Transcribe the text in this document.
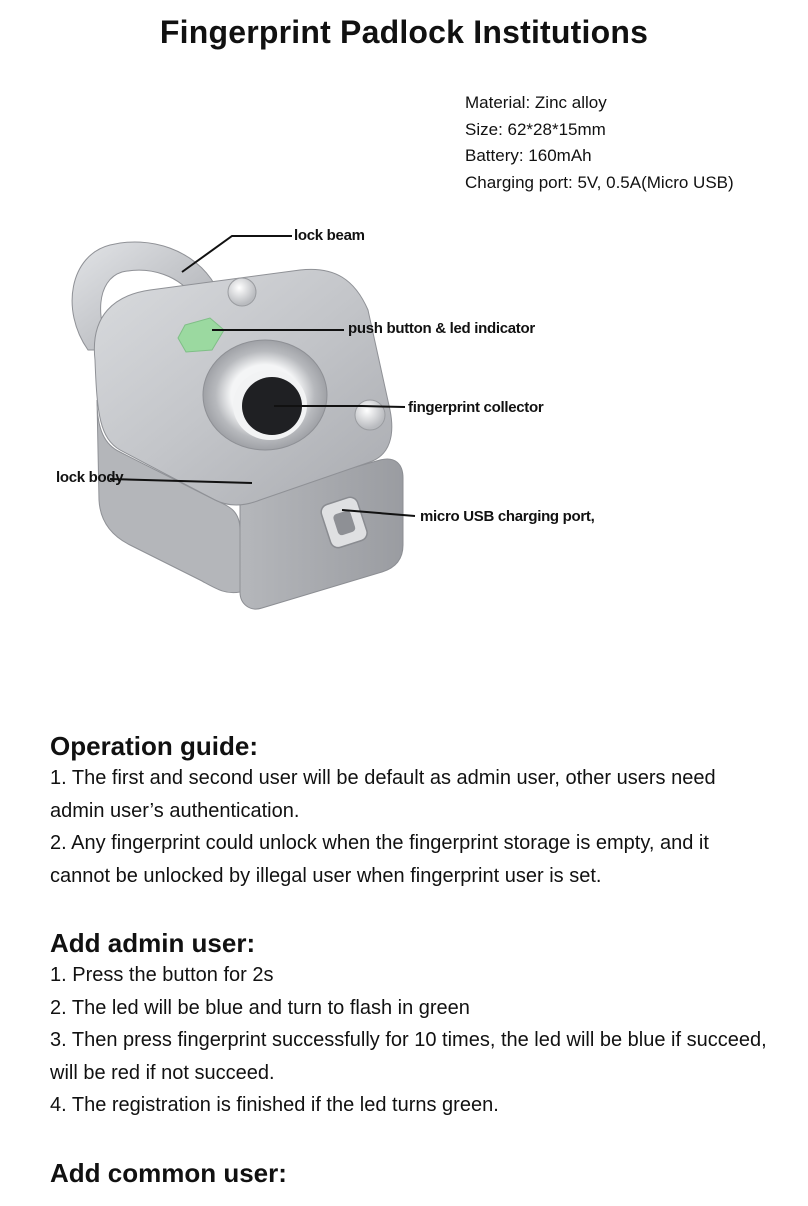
Fingerprint Padlock Institutions
Material: Zinc alloy
Size: 62*28*15mm
Battery: 160mAh
Charging port: 5V, 0.5A(Micro USB)
lock beam
push button & led indicator
fingerprint collector
lock body
micro USB charging port,
Operation guide:

1. The first and second user will be default as admin user, other users need admin user’s authentication.

2. Any fingerprint could unlock when the fingerprint storage is empty, and it cannot be unlocked by illegal user when fingerprint user is set.

Add admin user:

1. Press the button for 2s

2. The led will be blue and turn to flash in green

3. Then press fingerprint successfully for 10 times, the led will be blue if succeed, will be red if not succeed.

4. The registration is finished if the led turns green.

Add common user:
